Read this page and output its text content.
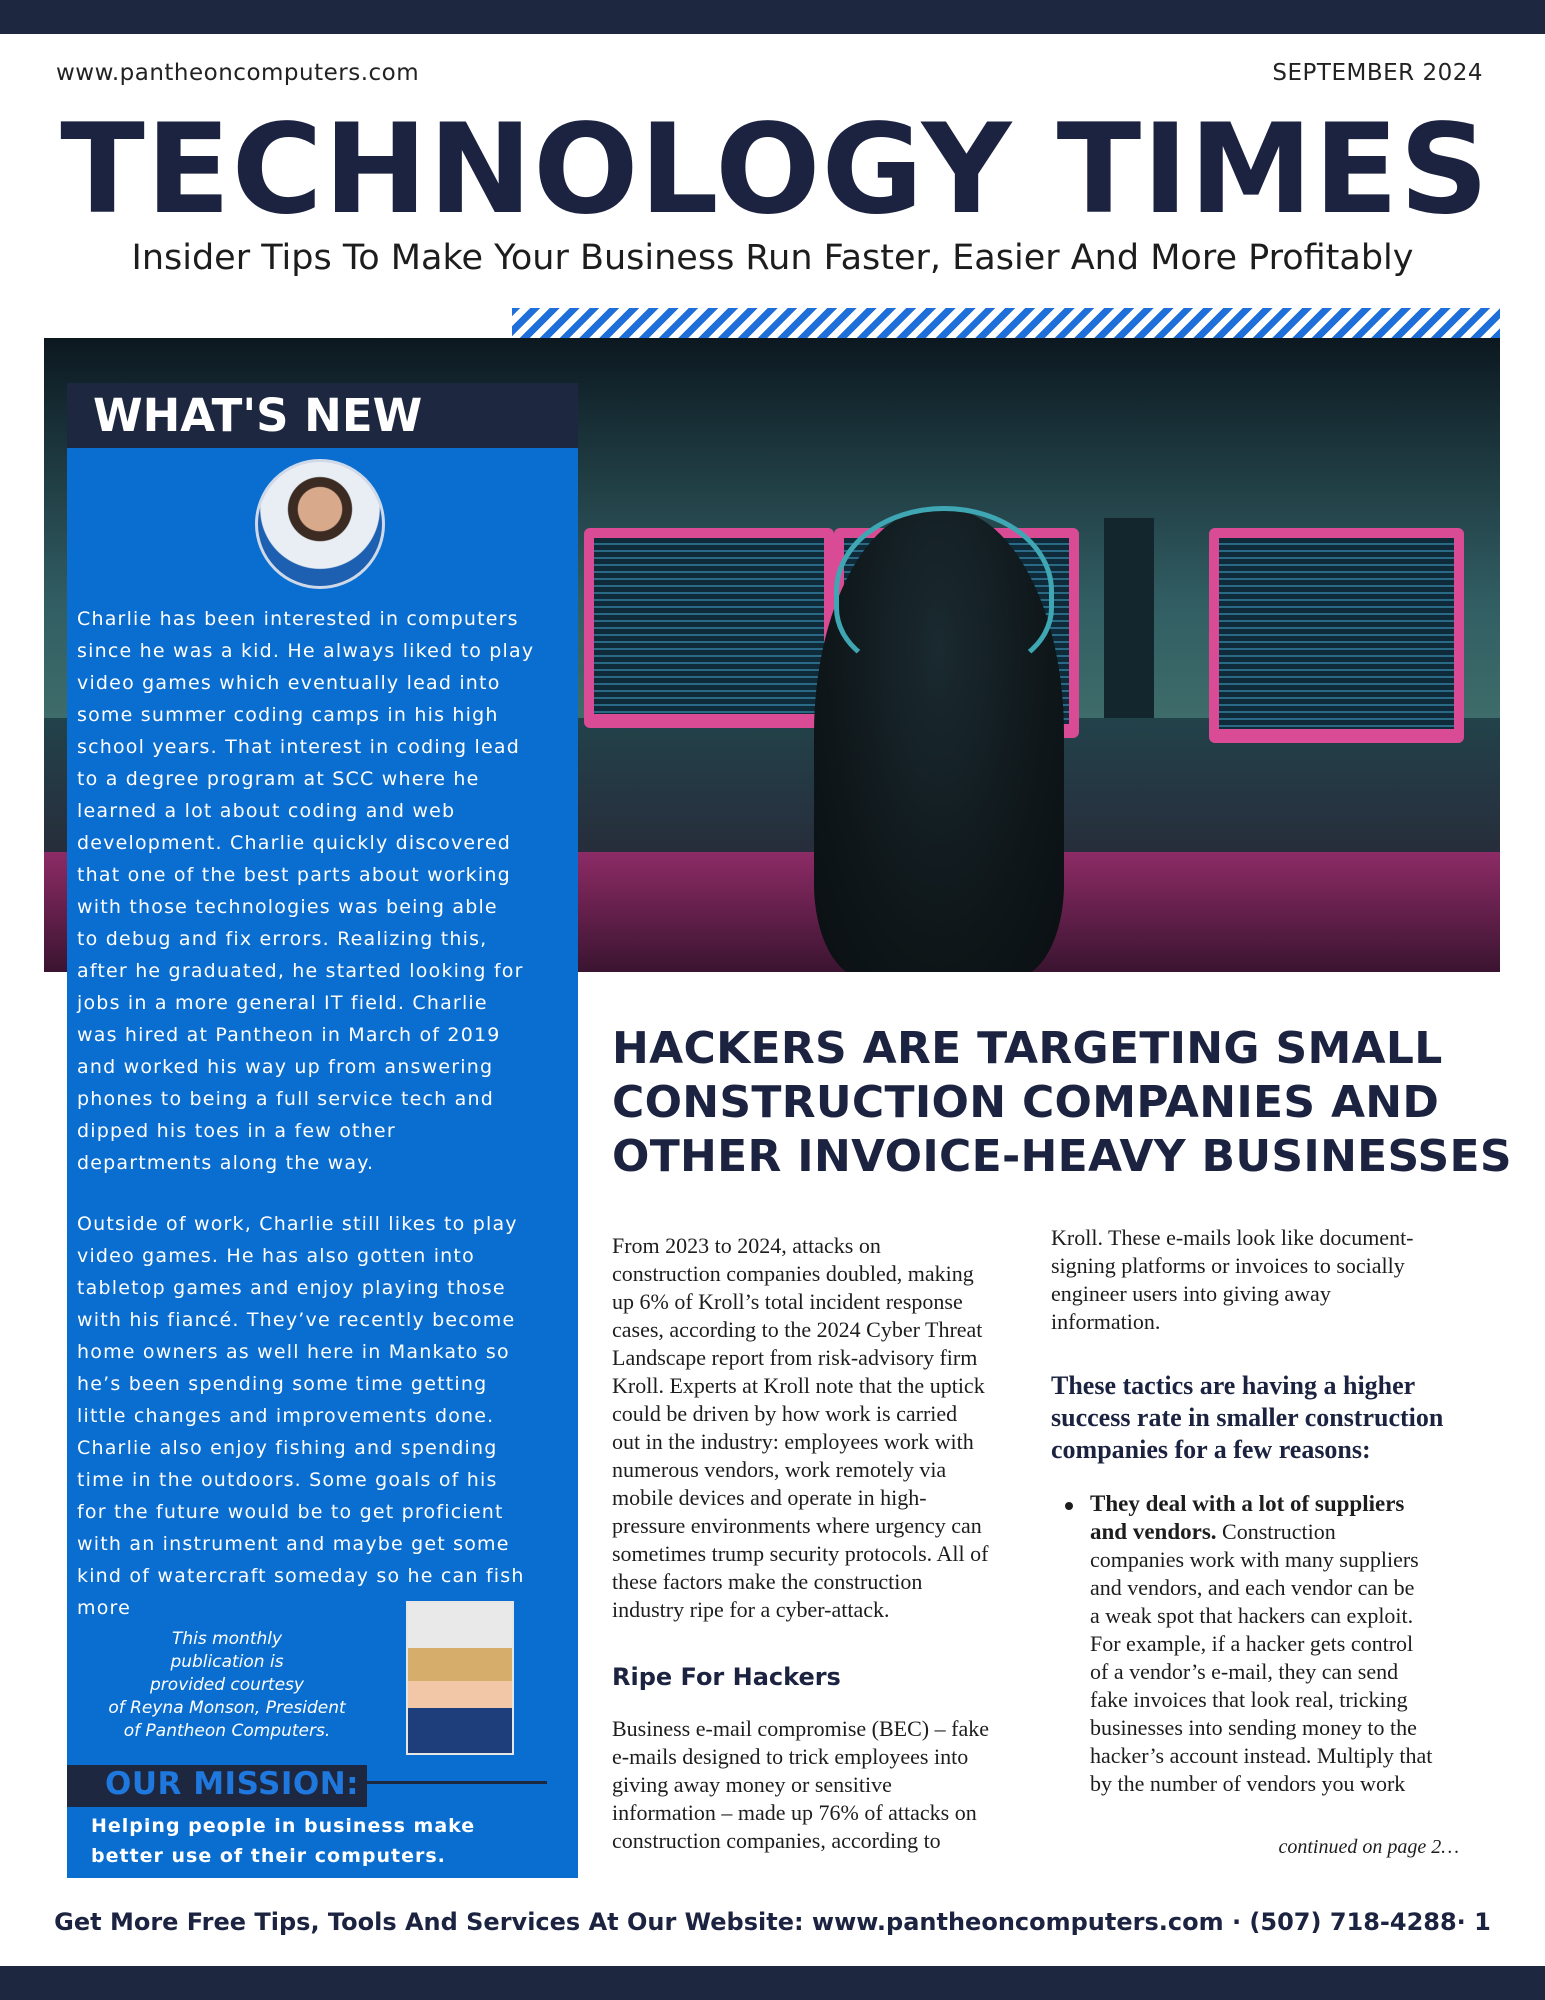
www.pantheoncomputers.com	SEPTEMBER 2024
TECHNOLOGY TIMES
Insider Tips To Make Your Business Run Faster, Easier And More Profitably
WHAT'S NEW
Charlie has been interested in computers
since he was a kid. He always liked to play
video games which eventually lead into
some summer coding camps in his high
school years. That interest in coding lead
to a degree program at SCC where he
learned a lot about coding and web
development. Charlie quickly discovered
that one of the best parts about working
with those technologies was being able
to debug and fix errors. Realizing this,
after he graduated, he started looking for
jobs in a more general IT field. Charlie
was hired at Pantheon in March of 2019
and worked his way up from answering
phones to being a full service tech and
dipped his toes in a few other
departments along the way.
Outside of work, Charlie still likes to play
video games. He has also gotten into
tabletop games and enjoy playing those
with his fiancé. They’ve recently become
home owners as well here in Mankato so
he’s been spending some time getting
little changes and improvements done.
Charlie also enjoy fishing and spending
time in the outdoors. Some goals of his
for the future would be to get proficient
with an instrument and maybe get some
kind of watercraft someday so he can fish
more
This monthly
publication is
provided courtesy
of Reyna Monson, President
of Pantheon Computers.
OUR MISSION:
Helping people in business make
better use of their computers.
HACKERS ARE TARGETING SMALL
CONSTRUCTION COMPANIES AND
OTHER INVOICE-HEAVY BUSINESSES

From 2023 to 2024, attacks on
construction companies doubled, making
up 6% of Kroll’s total incident response
cases, according to the 2024 Cyber Threat
Landscape report from risk-advisory firm
Kroll. Experts at Kroll note that the uptick
could be driven by how work is carried
out in the industry: employees work with
numerous vendors, work remotely via
mobile devices and operate in high-
pressure environments where urgency can
sometimes trump security protocols. All of
these factors make the construction
industry ripe for a cyber-attack.

Ripe For Hackers

Business e-mail compromise (BEC) – fake
e-mails designed to trick employees into
giving away money or sensitive
information – made up 76% of attacks on
construction companies, according to

Kroll. These e-mails look like document-
signing platforms or invoices to socially
engineer users into giving away
information.

These tactics are having a higher
success rate in smaller construction
companies for a few reasons:
They deal with a lot of suppliers
and vendors. Construction
companies work with many suppliers
and vendors, and each vendor can be
a weak spot that hackers can exploit.
For example, if a hacker gets control
of a vendor’s e-mail, they can send
fake invoices that look real, tricking
businesses into sending money to the
hacker’s account instead. Multiply that
by the number of vendors you work
continued on page 2…
Get More Free Tips, Tools And Services At Our Website: www.pantheoncomputers.com · (507) 718-4288· 1
